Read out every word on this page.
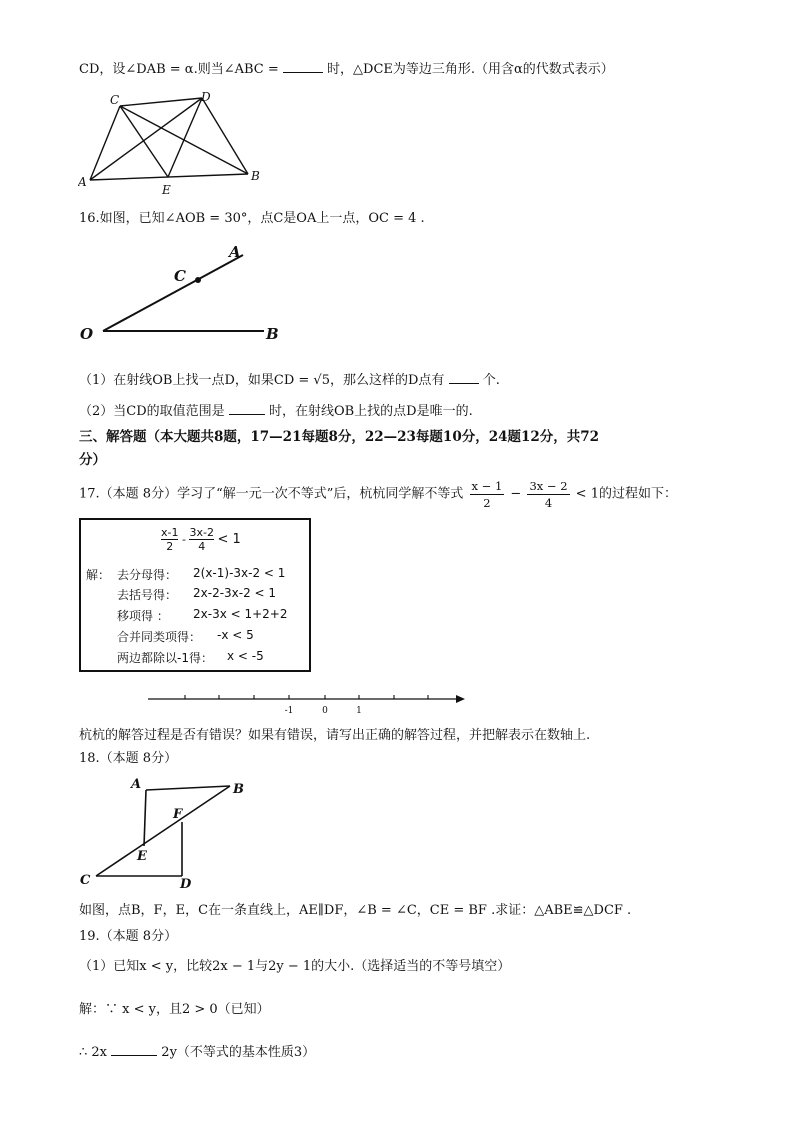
CD，设∠DAB = α.则当∠ABC =	时，△DCE为等边三角形.（用含α的代数式表示）
C	D
A
E
B
16.如图，已知∠AOB = 30°，点C是OA上一点，OC = 4 .
A
C
O	B
（1）在射线OB上找一点D，如果CD = √5，那么这样的D点有	个.
（2）当CD的取值范围是	时，在射线OB上找的点D是唯一的.
三、解答题（本大题共8题，17—21每题8分，22—23每题10分，24题12分，共72
分）
17.（本题 8分）学习了“解一元一次不等式”后，杭杭同学解不等式 $\frac{x - 1}{2} - \frac{3x - 2}{4} < 1$的过程如下：
$\frac{x-1}{2} - \frac{3x-2}{4} < 1$
解： 去分母得： 2(x-1)-3x-2 < 1
去括号得： 2x-2-3x-2 < 1
移项得 ： 2x-3x < 1+2+2
合并同类项得： -x < 5
两边都除以-1得： x < -5
-1	0	1
杭杭的解答过程是否有错误？如果有错误，请写出正确的解答过程，并把解表示在数轴上.
18.（本题 8分）
A	B
F
E
C	D
如图，点B，F，E，C在一条直线上，AE∥DF，∠B = ∠C，CE = BF .求证：△ABE≌△DCF .
19.（本题 8分）
（1）已知x < y，比较2x − 1与2y − 1的大小.（选择适当的不等号填空）
解：∵ x < y，且2 > 0（已知）
∴ 2x	2y（不等式的基本性质3）
